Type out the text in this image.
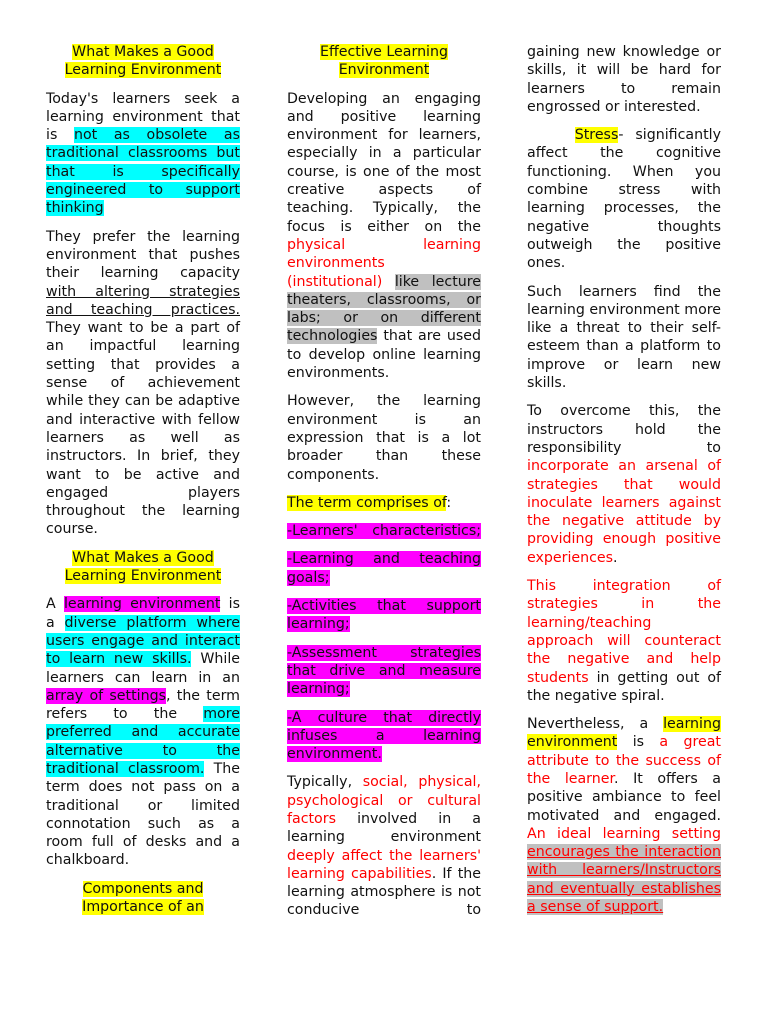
What Makes a Good Learning Environment

Today's learners seek a learning environment that is not as obsolete as traditional classrooms but that is specifically engineered to support thinking

They prefer the learning environment that pushes their learning capacity with altering strategies and teaching practices. They want to be a part of an impactful learning setting that provides a sense of achievement while they can be adaptive and interactive with fellow learners as well as instructors. In brief, they want to be active and engaged players throughout the learning course.

What Makes a Good Learning Environment

A learning environment is a diverse platform where users engage and interact to learn new skills. While learners can learn in an array of settings, the term refers to the more preferred and accurate alternative to the traditional classroom. The term does not pass on a traditional or limited connotation such as a room full of desks and a chalkboard.

Components and Importance of an
Effective Learning Environment

Developing an engaging and positive learning environment for learners, especially in a particular course, is one of the most creative aspects of teaching. Typically, the focus is either on the physical learning environments (institutional) like lecture theaters, classrooms, or labs; or on different technologies that are used to develop online learning environments.

However, the learning environment is an expression that is a lot broader than these components.

The term comprises of:

-Learners' characteristics;

-Learning and teaching goals;

-Activities that support learning;

-Assessment strategies that drive and measure learning;

-A culture that directly infuses a learning environment.

Typically, social, physical, psychological or cultural factors involved in a learning environment deeply affect the learners' learning capabilities. If the learning atmosphere is not conducive to

gaining new knowledge or skills, it will be hard for learners to remain engrossed or interested.

Stress- significantly affect the cognitive functioning. When you combine stress with learning processes, the negative thoughts outweigh the positive ones.

Such learners find the learning environment more like a threat to their self-esteem than a platform to improve or learn new skills.

To overcome this, the instructors hold the responsibility to incorporate an arsenal of strategies that would inoculate learners against the negative attitude by providing enough positive experiences.

This integration of strategies in the learning/teaching approach will counteract the negative and help students in getting out of the negative spiral.

Nevertheless, a learning environment is a great attribute to the success of the learner. It offers a positive ambiance to feel motivated and engaged. An ideal learning setting encourages the interaction with learners/Instructors and eventually establishes a sense of support.
